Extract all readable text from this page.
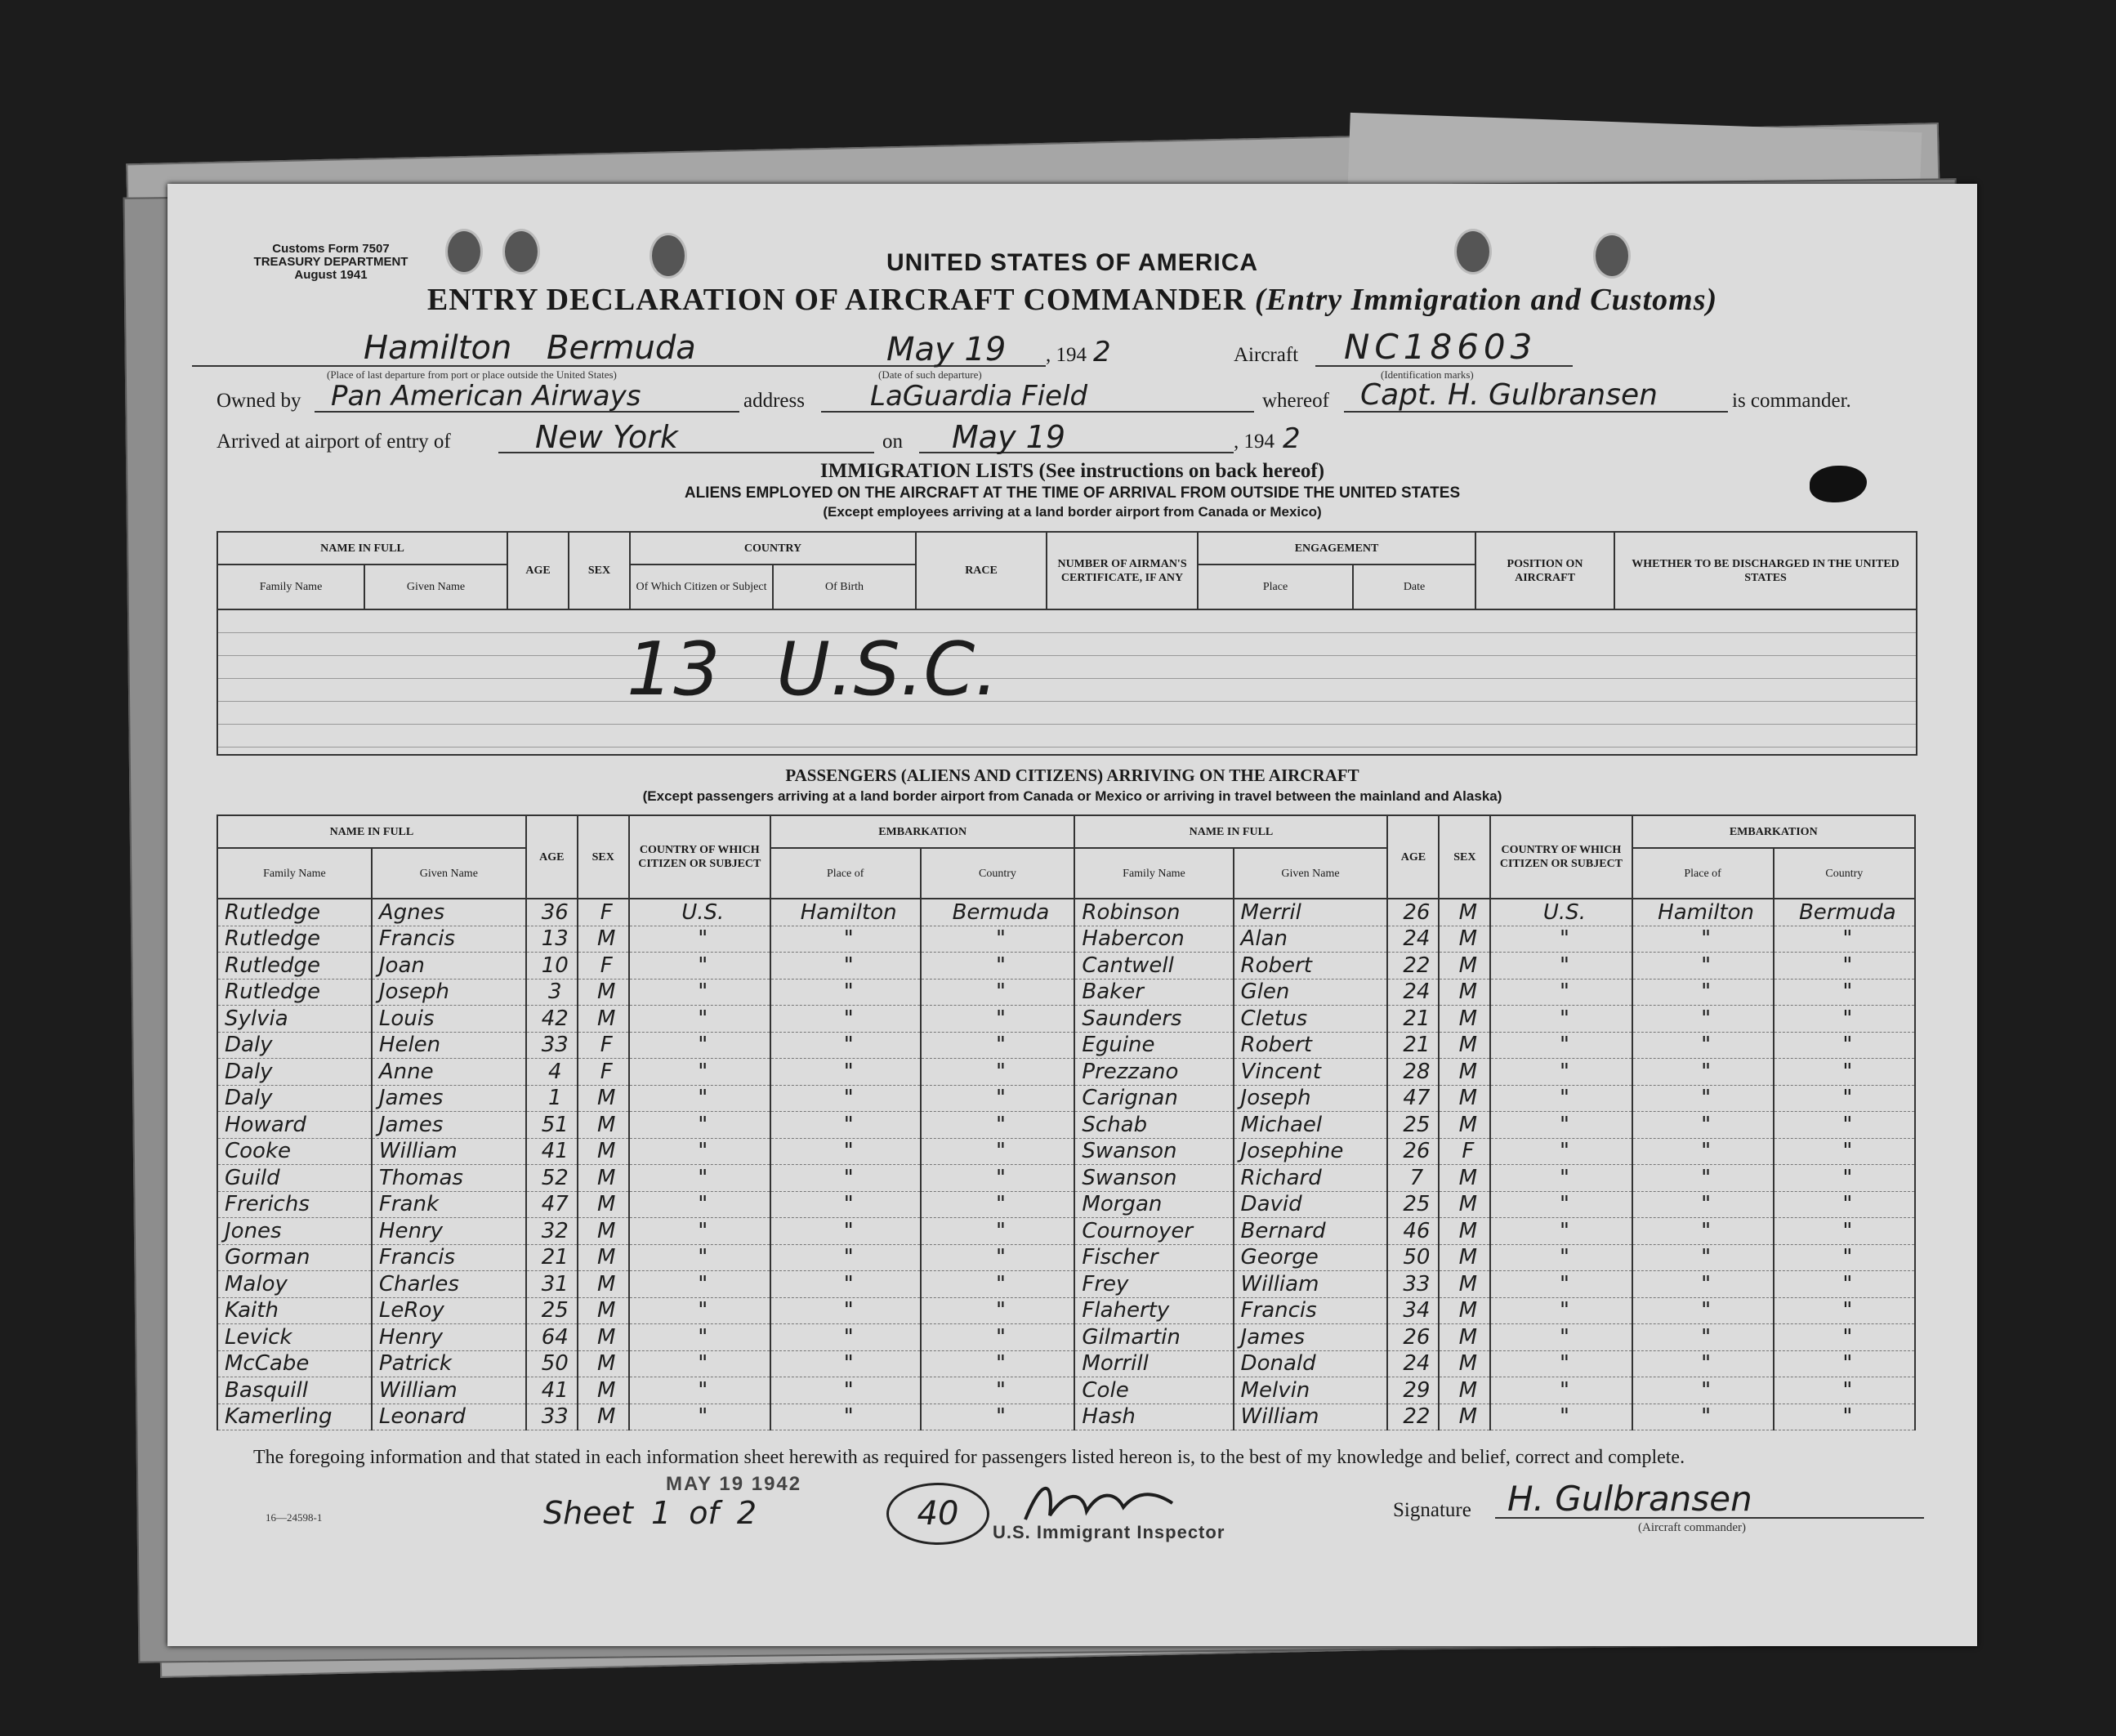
Customs Form 7507
TREASURY DEPARTMENT
August 1941	UNITED STATES OF AMERICA
ENTRY DECLARATION OF AIRCRAFT COMMANDER (Entry Immigration and Customs)
Hamilton Bermuda
(Place of last departure from port or place outside the United States)
May 19
(Date of such departure)
, 194 2	Aircraft NC18603
(Identification marks)
Owned by Pan American Airways	address LaGuardia Field	whereof Capt. H. Gulbransen	is commander.
Arrived at airport of entry of	New York	on May 19	, 194 2
IMMIGRATION LISTS (See instructions on back hereof)
ALIENS EMPLOYED ON THE AIRCRAFT AT THE TIME OF ARRIVAL FROM OUTSIDE THE UNITED STATES
(Except employees arriving at a land border airport from Canada or Mexico)
NAME IN FULL		AGE	SEX	COUNTRY		RACE	NUMBER OF AIRMAN'S CERTIFICATE, IF ANY	ENGAGEMENT		POSITION ON AIRCRAFT	WHETHER TO BE DISCHARGED IN THE UNITED STATES
Family Name	Given Name			Of Which Citizen or Subject	Of Birth			Place	Date		

13 U.S.C.											
PASSENGERS (ALIENS AND CITIZENS) ARRIVING ON THE AIRCRAFT
(Except passengers arriving at a land border airport from Canada or Mexico or arriving in travel between the mainland and Alaska)
NAME IN FULL		AGE	SEX	COUNTRY OF WHICH CITIZEN OR SUBJECT	EMBARKATION		NAME IN FULL		AGE	SEX	COUNTRY OF WHICH CITIZEN OR SUBJECT	EMBARKATION	
Family Name	Given Name				Place of	Country	Family Name	Given Name				Place of	Country
Rutledge	Agnes	36	F	U.S.	Hamilton	Bermuda	Robinson	Merril	26	M	U.S.	Hamilton	Bermuda
Rutledge	Francis	13	M	"	"	"	Habercon	Alan	24	M	"	"	"
Rutledge	Joan	10	F	"	"	"	Cantwell	Robert	22	M	"	"	"
Rutledge	Joseph	3	M	"	"	"	Baker	Glen	24	M	"	"	"
Sylvia	Louis	42	M	"	"	"	Saunders	Cletus	21	M	"	"	"
Daly	Helen	33	F	"	"	"	Eguine	Robert	21	M	"	"	"
Daly	Anne	4	F	"	"	"	Prezzano	Vincent	28	M	"	"	"
Daly	James	1	M	"	"	"	Carignan	Joseph	47	M	"	"	"
Howard	James	51	M	"	"	"	Schab	Michael	25	M	"	"	"
Cooke	William	41	M	"	"	"	Swanson	Josephine	26	F	"	"	"
Guild	Thomas	52	M	"	"	"	Swanson	Richard	7	M	"	"	"
Frerichs	Frank	47	M	"	"	"	Morgan	David	25	M	"	"	"
Jones	Henry	32	M	"	"	"	Cournoyer	Bernard	46	M	"	"	"
Gorman	Francis	21	M	"	"	"	Fischer	George	50	M	"	"	"
Maloy	Charles	31	M	"	"	"	Frey	William	33	M	"	"	"
Kaith	LeRoy	25	M	"	"	"	Flaherty	Francis	34	M	"	"	"
Levick	Henry	64	M	"	"	"	Gilmartin	James	26	M	"	"	"
McCabe	Patrick	50	M	"	"	"	Morrill	Donald	24	M	"	"	"
Basquill	William	41	M	"	"	"	Cole	Melvin	29	M	"	"	"
Kamerling	Leonard	33	M	"	"	"	Hash	William	22	M	"	"	"
The foregoing information and that stated in each information sheet herewith as required for passengers listed hereon is, to the best of my knowledge and belief, correct and complete.
MAY 19 1942
16—24598-1	Sheet 1 of 2	40	U.S. Immigrant Inspector
Signature H. Gulbransen
(Aircraft commander)
